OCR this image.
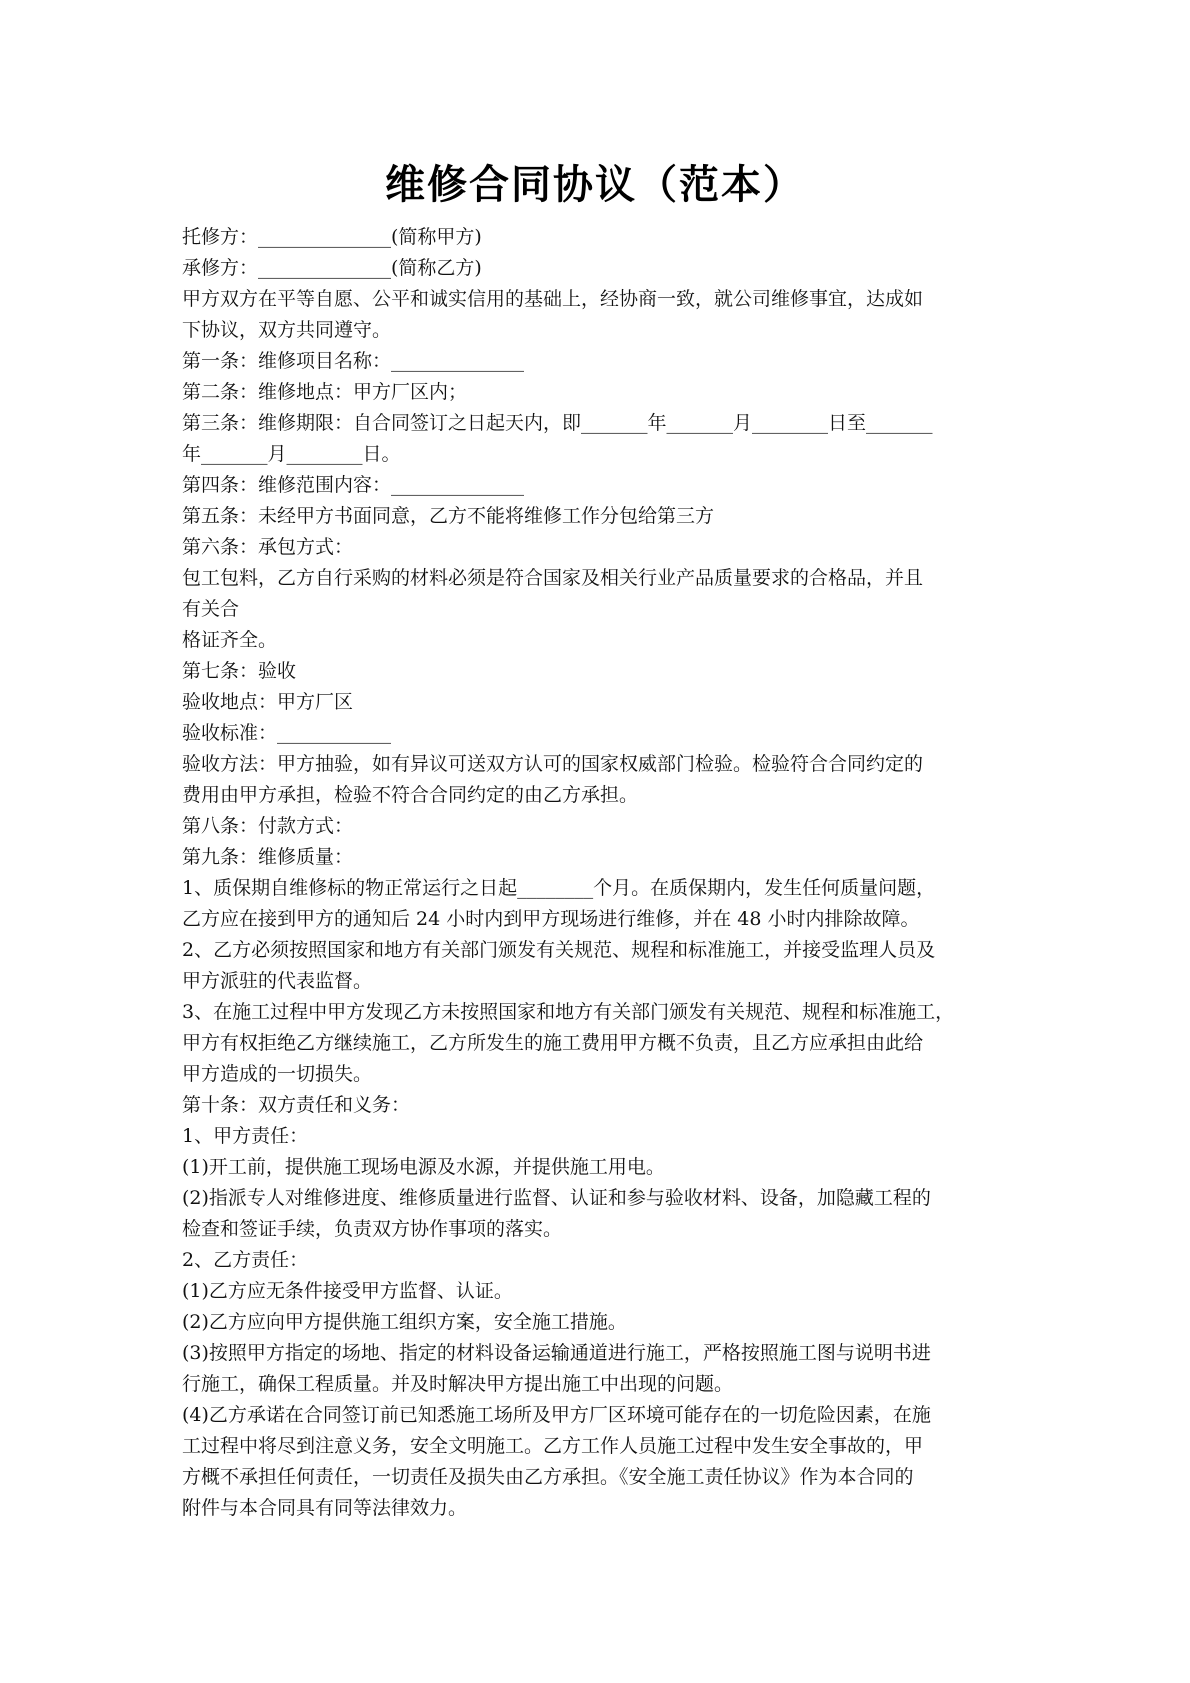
维修合同协议（范本）
托修方：______________(简称甲方)
承修方：______________(简称乙方)
甲方双方在平等自愿、公平和诚实信用的基础上，经协商一致，就公司维修事宜，达成如
下协议，双方共同遵守。
第一条：维修项目名称：______________
第二条：维修地点：甲方厂区内；
第三条：维修期限：自合同签订之日起天内，即_______年_______月________日至_______
年_______月________日。
第四条：维修范围内容：______________
第五条：未经甲方书面同意，乙方不能将维修工作分包给第三方
第六条：承包方式：
包工包料，乙方自行采购的材料必须是符合国家及相关行业产品质量要求的合格品，并且
有关合
格证齐全。
第七条：验收
验收地点：甲方厂区
验收标准：____________
验收方法：甲方抽验，如有异议可送双方认可的国家权威部门检验。检验符合合同约定的
费用由甲方承担，检验不符合合同约定的由乙方承担。
第八条：付款方式：
第九条：维修质量：
1、质保期自维修标的物正常运行之日起________个月。在质保期内，发生任何质量问题，
乙方应在接到甲方的通知后 24 小时内到甲方现场进行维修，并在 48 小时内排除故障。
2、乙方必须按照国家和地方有关部门颁发有关规范、规程和标准施工，并接受监理人员及
甲方派驻的代表监督。
3、在施工过程中甲方发现乙方未按照国家和地方有关部门颁发有关规范、规程和标准施工，
甲方有权拒绝乙方继续施工，乙方所发生的施工费用甲方概不负责，且乙方应承担由此给
甲方造成的一切损失。
第十条：双方责任和义务：
1、甲方责任：
(1)开工前，提供施工现场电源及水源，并提供施工用电。
(2)指派专人对维修进度、维修质量进行监督、认证和参与验收材料、设备，加隐藏工程的
检查和签证手续，负责双方协作事项的落实。
2、乙方责任：
(1)乙方应无条件接受甲方监督、认证。
(2)乙方应向甲方提供施工组织方案，安全施工措施。
(3)按照甲方指定的场地、指定的材料设备运输通道进行施工，严格按照施工图与说明书进
行施工，确保工程质量。并及时解决甲方提出施工中出现的问题。
(4)乙方承诺在合同签订前已知悉施工场所及甲方厂区环境可能存在的一切危险因素，在施
工过程中将尽到注意义务，安全文明施工。乙方工作人员施工过程中发生安全事故的，甲
方概不承担任何责任，一切责任及损失由乙方承担。《安全施工责任协议》作为本合同的
附件与本合同具有同等法律效力。
